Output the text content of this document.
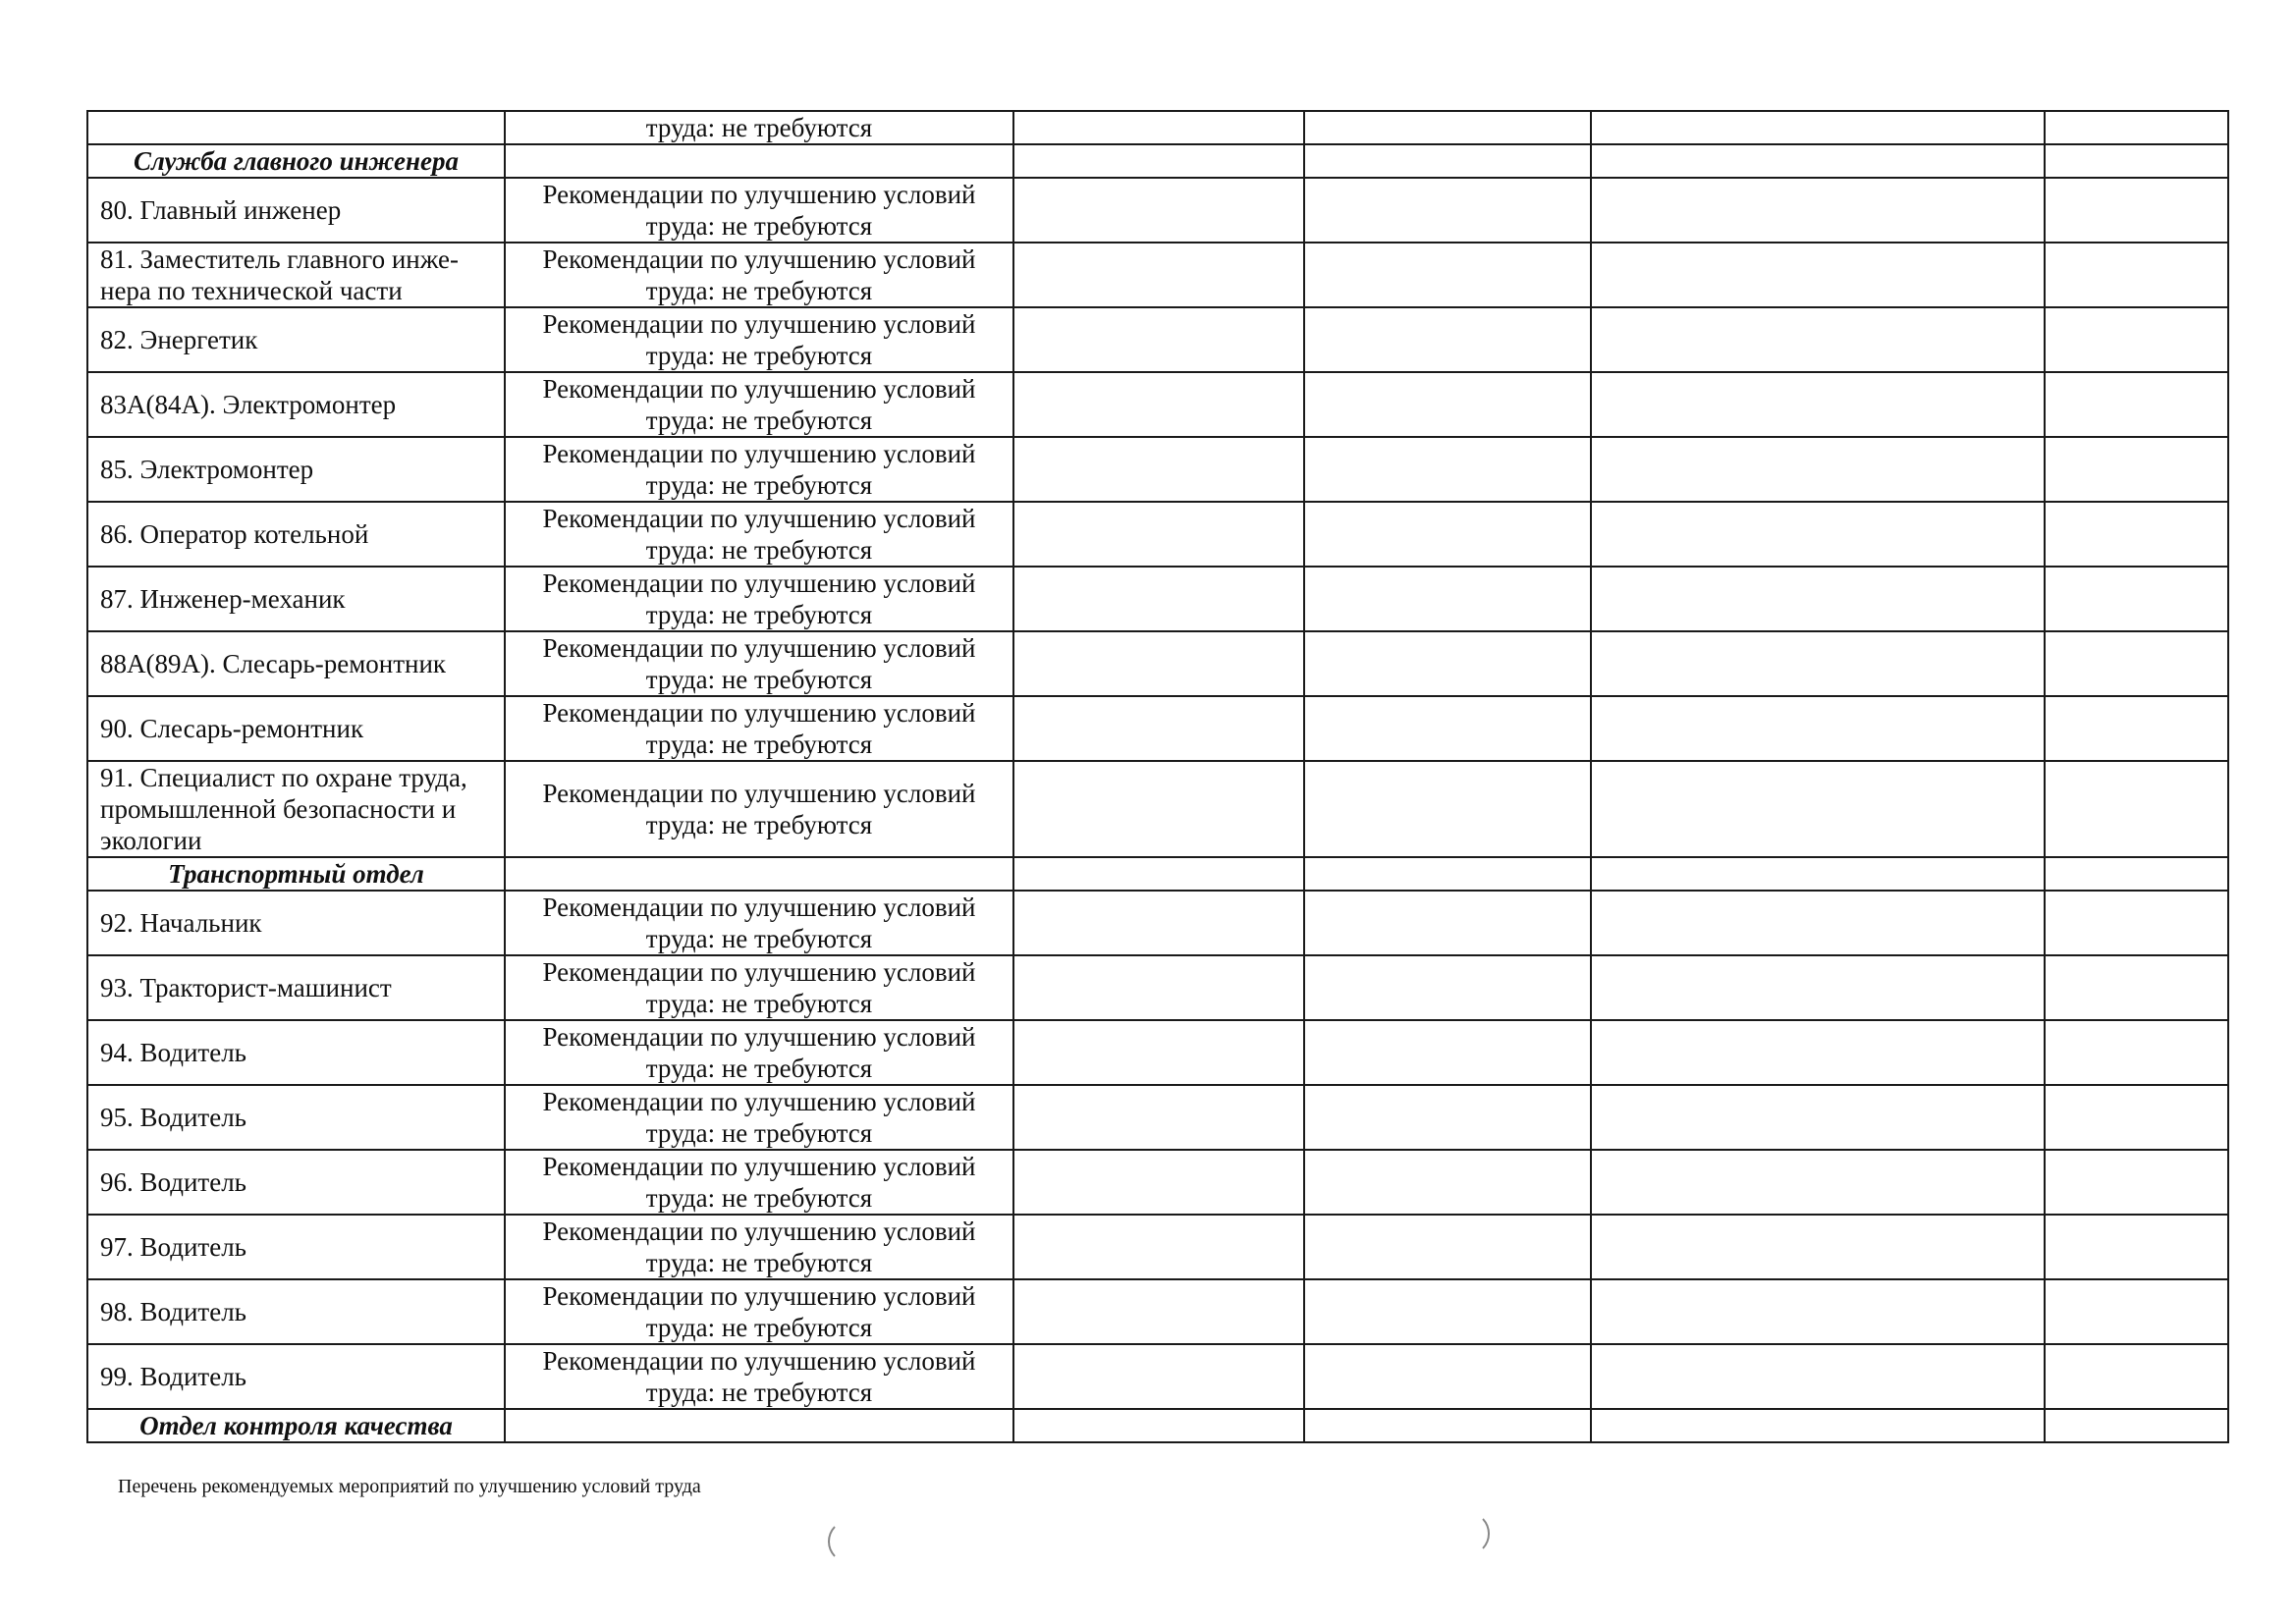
	труда: не требуются				
Служба главного инженера					
80. Главный инженер	Рекомендации по улучшению условий труда: не требуются				
81. Заместитель главного инже-нера по технической части	Рекомендации по улучшению условий труда: не требуются				
82. Энергетик	Рекомендации по улучшению условий труда: не требуются				
83А(84А). Электромонтер	Рекомендации по улучшению условий труда: не требуются				
85. Электромонтер	Рекомендации по улучшению условий труда: не требуются				
86. Оператор котельной	Рекомендации по улучшению условий труда: не требуются				
87. Инженер-механик	Рекомендации по улучшению условий труда: не требуются				
88А(89А). Слесарь-ремонтник	Рекомендации по улучшению условий труда: не требуются				
90. Слесарь-ремонтник	Рекомендации по улучшению условий труда: не требуются				
91. Специалист по охране труда, промышленной безопасности и экологии	Рекомендации по улучшению условий труда: не требуются				
Транспортный отдел					
92. Начальник	Рекомендации по улучшению условий труда: не требуются				
93. Тракторист-машинист	Рекомендации по улучшению условий труда: не требуются				
94. Водитель	Рекомендации по улучшению условий труда: не требуются				
95. Водитель	Рекомендации по улучшению условий труда: не требуются				
96. Водитель	Рекомендации по улучшению условий труда: не требуются				
97. Водитель	Рекомендации по улучшению условий труда: не требуются				
98. Водитель	Рекомендации по улучшению условий труда: не требуются				
99. Водитель	Рекомендации по улучшению условий труда: не требуются				
Отдел контроля качества					
Перечень рекомендуемых мероприятий по улучшению условий труда
